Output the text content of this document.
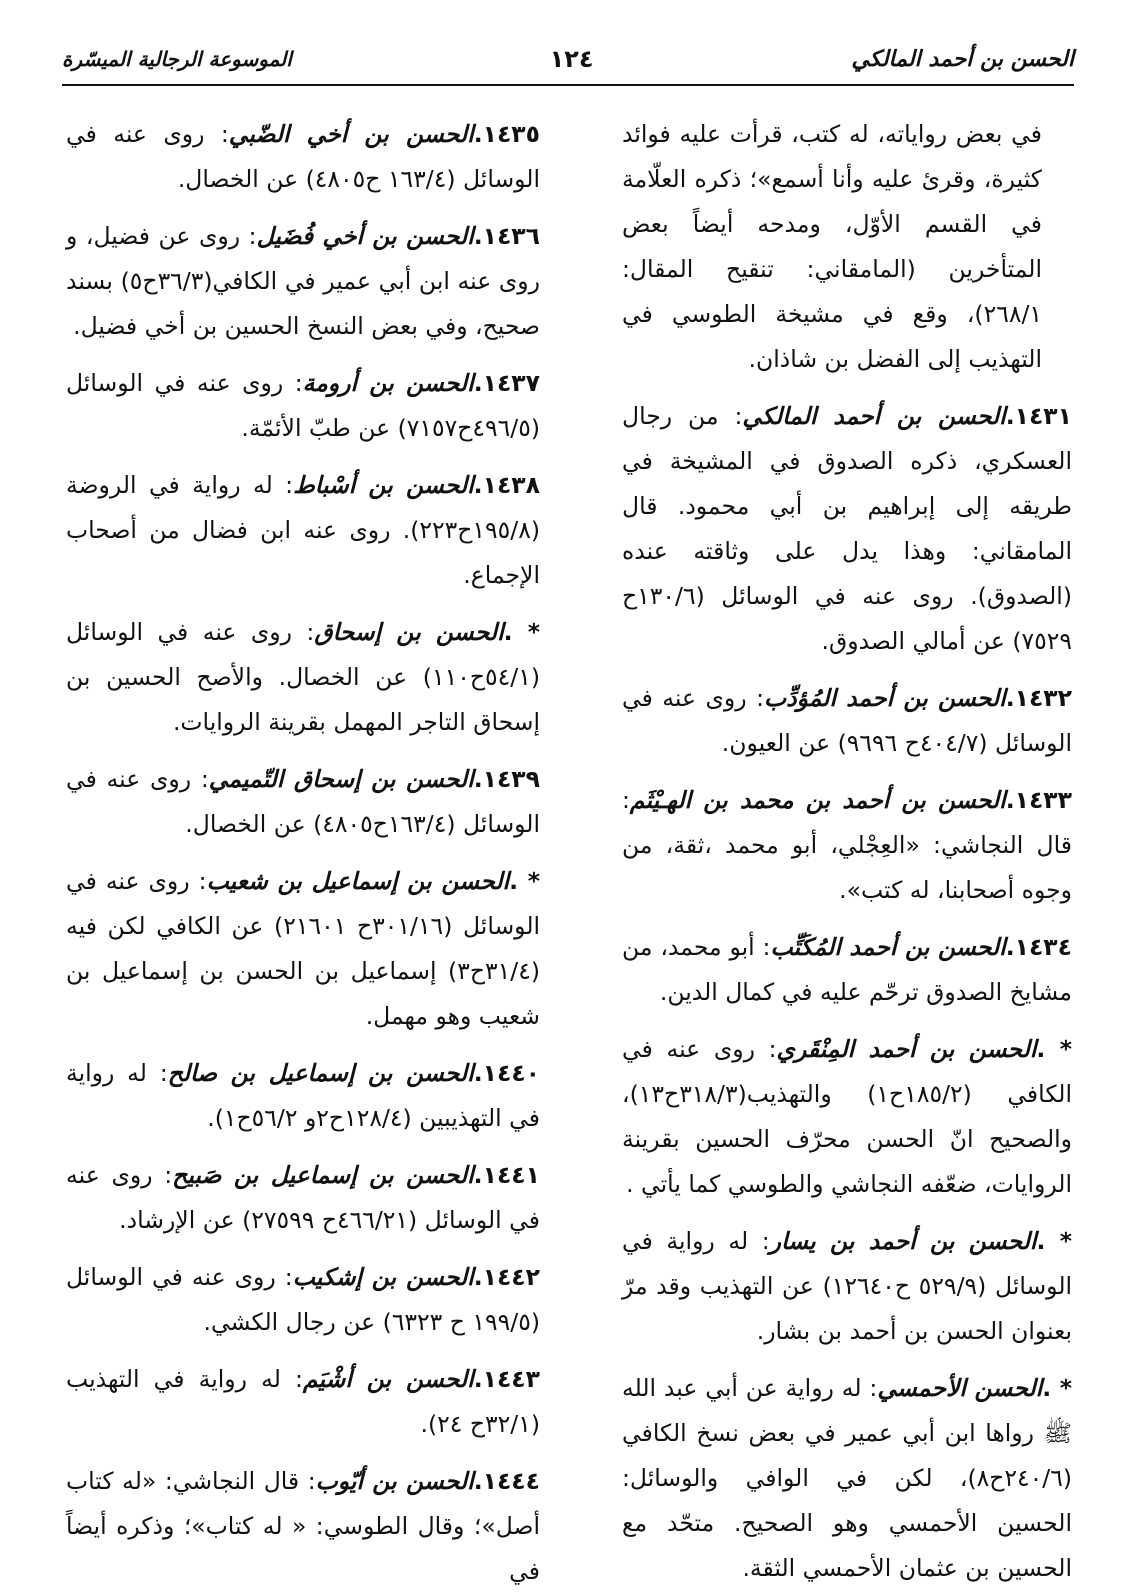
الحسن بن أحمد المالكي
١٢٤
الموسوعة الرجالية الميسّرة
في بعض رواياته، له كتب، قرأت عليه فوائد كثيرة، وقرئ عليه وأنا أسمع»؛ ذكره العلّامة في القسم الأوّل، ومدحه أيضاً بعض المتأخرين (المامقاني: تنقيح المقال: ٢٦٨/١)، وقع في مشيخة الطوسي في التهذيب إلى الفضل بن شاذان.
١٤٣١.الحسن بن أحمد المالكي: من رجال العسكري، ذكره الصدوق في المشيخة في طريقه إلى إبراهيم بن أبي محمود. قال المامقاني: وهذا يدل على وثاقته عنده (الصدوق). روى عنه في الوسائل (١٣٠/٦ح ٧٥٢٩) عن أمالي الصدوق.
١٤٣٢.الحسن بن أحمد المُؤدِّب: روى عنه في الوسائل (٤٠٤/٧ح ٩٦٩٦) عن العيون.
١٤٣٣.الحسن بن أحمد بن محمد بن الهـيْثَم: قال النجاشي: «العِجْلي، أبو محمد ،ثقة، من وجوه أصحابنا، له كتب».
١٤٣٤.الحسن بن أحمد المُكَتِّب: أبو محمد، من مشايخ الصدوق ترحّم عليه في كمال الدين.
* .الحسن بن أحمد المِنْقَري: روى عنه في الكافي (١٨٥/٢ح١) والتهذيب(٣١٨/٣ح١٣)، والصحيح انّ الحسن محرّف الحسين بقرينة الروايات، ضعّفه النجاشي والطوسي كما يأتي .
* .الحسن بن أحمد بن يسار: له رواية في الوسائل (٥٢٩/٩ ح١٢٦٤٠) عن التهذيب وقد مرّ بعنوان الحسن بن أحمد بن بشار.
* .الحسن الأحمسي: له رواية عن أبي عبد الله ﷺ رواها ابن أبي عمير في بعض نسخ الكافي (٢٤٠/٦ح٨)، لكن في الوافي والوسائل: الحسين الأحمسي وهو الصحيح. متحّد مع الحسين بن عثمان الأحمسي الثقة.
١٤٣٥.الحسن بن أخي الضّبي: روى عنه في الوسائل (١٦٣/٤ ح٤٨٠٥) عن الخصال.
١٤٣٦.الحسن بن أخي فُضَيل: روى عن فضيل، و روى عنه ابن أبي عمير في الكافي(٣٦/٣ح٥) بسند صحيح، وفي بعض النسخ الحسين بن أخي فضيل.
١٤٣٧.الحسن بن أرومة: روى عنه في الوسائل (٤٩٦/٥ح٧١٥٧) عن طبّ الأئمّة.
١٤٣٨.الحسن بن أسْباط: له رواية في الروضة (١٩٥/٨ح٢٢٣). روى عنه ابن فضال من أصحاب الإجماع.
* .الحسن بن إسحاق: روى عنه في الوسائل (٥٤/١ح١١٠) عن الخصال. والأصح الحسين بن إسحاق التاجر المهمل بقرينة الروايات.
١٤٣٩.الحسن بن إسحاق التّميمي: روى عنه في الوسائل (١٦٣/٤ح٤٨٠٥) عن الخصال.
* .الحسن بن إسماعيل بن شعيب: روى عنه في الوسائل (٣٠١/١٦ح ٢١٦٠١) عن الكافي لكن فيه (٣١/٤ح٣) إسماعيل بن الحسن بن إسماعيل بن شعيب وهو مهمل.
١٤٤٠.الحسن بن إسماعيل بن صالح: له رواية في التهذيبين (١٢٨/٤ح٢و ٥٦/٢ح١).
١٤٤١.الحسن بن إسماعيل بن صَبيح: روى عنه في الوسائل (٤٦٦/٢١ح ٢٧٥٩٩) عن الإرشاد.
١٤٤٢.الحسن بن إشكيب: روى عنه في الوسائل (١٩٩/٥ ح ٦٣٢٣) عن رجال الكشي.
١٤٤٣.الحسن بن أشْيَم: له رواية في التهذيب (٣٢/١ح ٢٤).
١٤٤٤.الحسن بن أيّوب: قال النجاشي: «له كتاب أصل»؛ وقال الطوسي: « له كتاب»؛ وذكره أيضاً في
